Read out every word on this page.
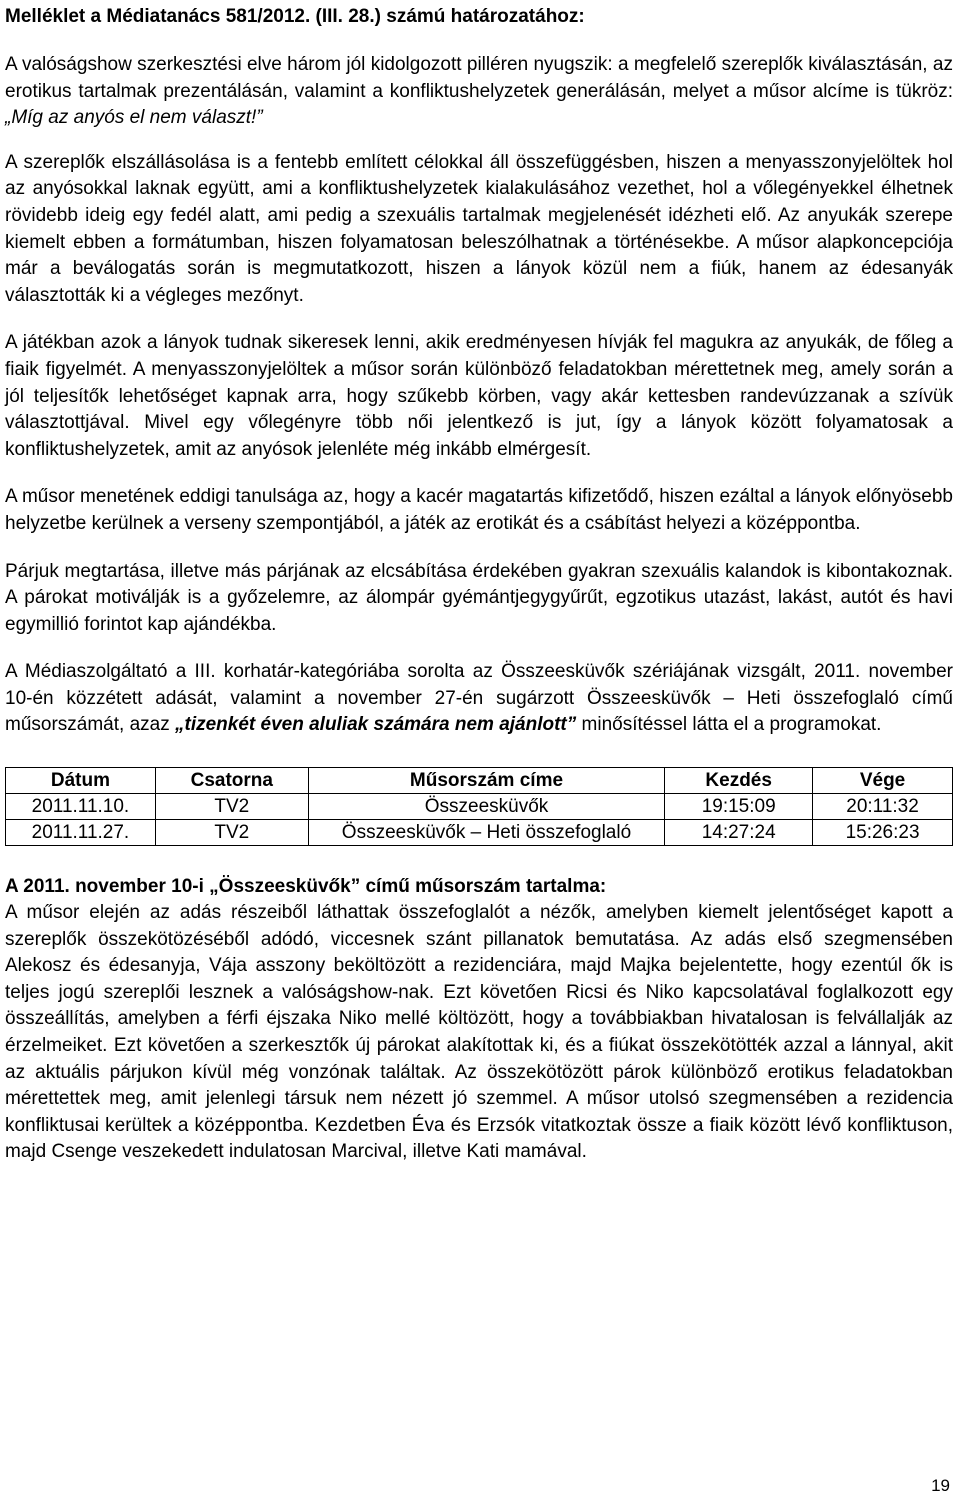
Melléklet a Médiatanács 581/2012. (III. 28.) számú határozatához:

A valóságshow szerkesztési elve három jól kidolgozott pilléren nyugszik: a megfelelő szereplők kiválasztásán, az erotikus tartalmak prezentálásán, valamint a konfliktushelyzetek generálásán, melyet a műsor alcíme is tükröz: „Míg az anyós el nem választ!”

A szereplők elszállásolása is a fentebb említett célokkal áll összefüggésben, hiszen a menyasszonyjelöltek hol az anyósokkal laknak együtt, ami a konfliktushelyzetek kialakulásához vezethet, hol a vőlegényekkel élhetnek rövidebb ideig egy fedél alatt, ami pedig a szexuális tartalmak megjelenését idézheti elő. Az anyukák szerepe kiemelt ebben a formátumban, hiszen folyamatosan beleszólhatnak a történésekbe. A műsor alapkoncepciója már a beválogatás során is megmutatkozott, hiszen a lányok közül nem a fiúk, hanem az édesanyák választották ki a végleges mezőnyt.

A játékban azok a lányok tudnak sikeresek lenni, akik eredményesen hívják fel magukra az anyukák, de főleg a fiaik figyelmét. A menyasszonyjelöltek a műsor során különböző feladatokban mérettetnek meg, amely során a jól teljesítők lehetőséget kapnak arra, hogy szűkebb körben, vagy akár kettesben randevúzzanak a szívük választottjával. Mivel egy vőlegényre több női jelentkező is jut, így a lányok között folyamatosak a konfliktushelyzetek, amit az anyósok jelenléte még inkább elmérgesít.

A műsor menetének eddigi tanulsága az, hogy a kacér magatartás kifizetődő, hiszen ezáltal a lányok előnyösebb helyzetbe kerülnek a verseny szempontjából, a játék az erotikát és a csábítást helyezi a középpontba.

Párjuk megtartása, illetve más párjának az elcsábítása érdekében gyakran szexuális kalandok is kibontakoznak. A párokat motiválják is a győzelemre, az álompár gyémántjegygyűrűt, egzotikus utazást, lakást, autót és havi egymillió forintot kap ajándékba.

A Médiaszolgáltató a III. korhatár-kategóriába sorolta az Összeesküvők szériájának vizsgált, 2011. november 10-én közzétett adását, valamint a november 27-én sugárzott Összeesküvők – Heti összefoglaló című műsorszámát, azaz „tizenkét éven aluliak számára nem ajánlott” minősítéssel látta el a programokat.

Dátum	Csatorna	Műsorszám címe	Kezdés	Vége
2011.11.10.	TV2	Összeesküvők	19:15:09	20:11:32
2011.11.27.	TV2	Összeesküvők – Heti összefoglaló	14:27:24	15:26:23
A 2011. november 10-i „Összeesküvők” című műsorszám tartalma:

A műsor elején az adás részeiből láthattak összefoglalót a nézők, amelyben kiemelt jelentőséget kapott a szereplők összekötözéséből adódó, viccesnek szánt pillanatok bemutatása. Az adás első szegmensében Alekosz és édesanyja, Vája asszony beköltözött a rezidenciára, majd Majka bejelentette, hogy ezentúl ők is teljes jogú szereplői lesznek a valóságshow-nak. Ezt követően Ricsi és Niko kapcsolatával foglalkozott egy összeállítás, amelyben a férfi éjszaka Niko mellé költözött, hogy a továbbiakban hivatalosan is felvállalják az érzelmeiket. Ezt követően a szerkesztők új párokat alakítottak ki, és a fiúkat összekötötték azzal a lánnyal, akit az aktuális párjukon kívül még vonzónak találtak. Az összekötözött párok különböző erotikus feladatokban mérettettek meg, amit jelenlegi társuk nem nézett jó szemmel. A műsor utolsó szegmensében a rezidencia konfliktusai kerültek a középpontba. Kezdetben Éva és Erzsók vitatkoztak össze a fiaik között lévő konfliktuson, majd Csenge veszekedett indulatosan Marcival, illetve Kati mamával.

19
